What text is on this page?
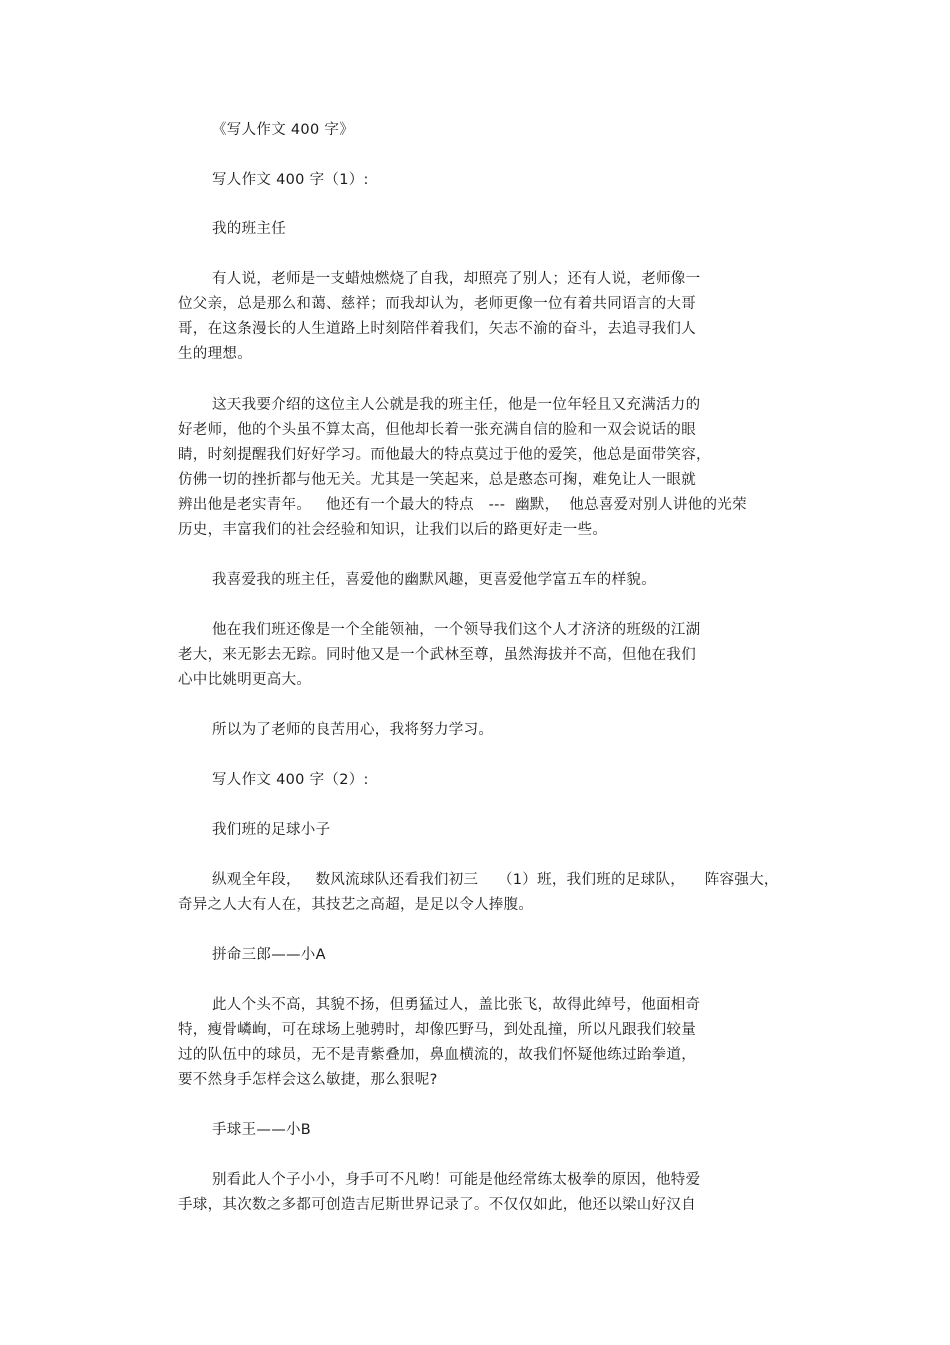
《写人作文 400 字》
写人作文 400 字（1）:
我的班主任
有人说，老师是一支蜡烛燃烧了自我，却照亮了别人；还有人说，老师像一
位父亲，总是那么和蔼、慈祥；而我却认为，老师更像一位有着共同语言的大哥
哥，在这条漫长的人生道路上时刻陪伴着我们，矢志不渝的奋斗，去追寻我们人
生的理想。
这天我要介绍的这位主人公就是我的班主任，他是一位年轻且又充满活力的
好老师，他的个头虽不算太高，但他却长着一张充满自信的脸和一双会说话的眼
睛，时刻提醒我们好好学习。而他最大的特点莫过于他的爱笑，他总是面带笑容，
仿佛一切的挫折都与他无关。尤其是一笑起来，总是憨态可掬，难免让人一眼就
辨出他是老实青年。   他还有一个最大的特点   ---  幽默，  他总喜爱对别人讲他的光荣
历史，丰富我们的社会经验和知识，让我们以后的路更好走一些。
我喜爱我的班主任，喜爱他的幽默风趣，更喜爱他学富五车的样貌。
他在我们班还像是一个全能领袖，一个领导我们这个人才济济的班级的江湖
老大，来无影去无踪。同时他又是一个武林至尊，虽然海拔并不高，但他在我们
心中比姚明更高大。
所以为了老师的良苦用心，我将努力学习。
写人作文 400 字（2）:
我们班的足球小子
纵观全年段，   数风流球队还看我们初三    （1）班，我们班的足球队，    阵容强大，
奇异之人大有人在，其技艺之高超，是足以令人捧腹。
拼命三郎——小A
此人个头不高，其貌不扬，但勇猛过人，盖比张飞，故得此绰号，他面相奇
特，瘦骨嶙峋，可在球场上驰骋时，却像匹野马，到处乱撞，所以凡跟我们较量
过的队伍中的球员，无不是青紫叠加，鼻血横流的，故我们怀疑他练过跆拳道，
要不然身手怎样会这么敏捷，那么狠呢?
手球王——小B
别看此人个子小小，身手可不凡哟！可能是他经常练太极拳的原因，他特爱
手球，其次数之多都可创造吉尼斯世界记录了。不仅仅如此，他还以梁山好汉自
